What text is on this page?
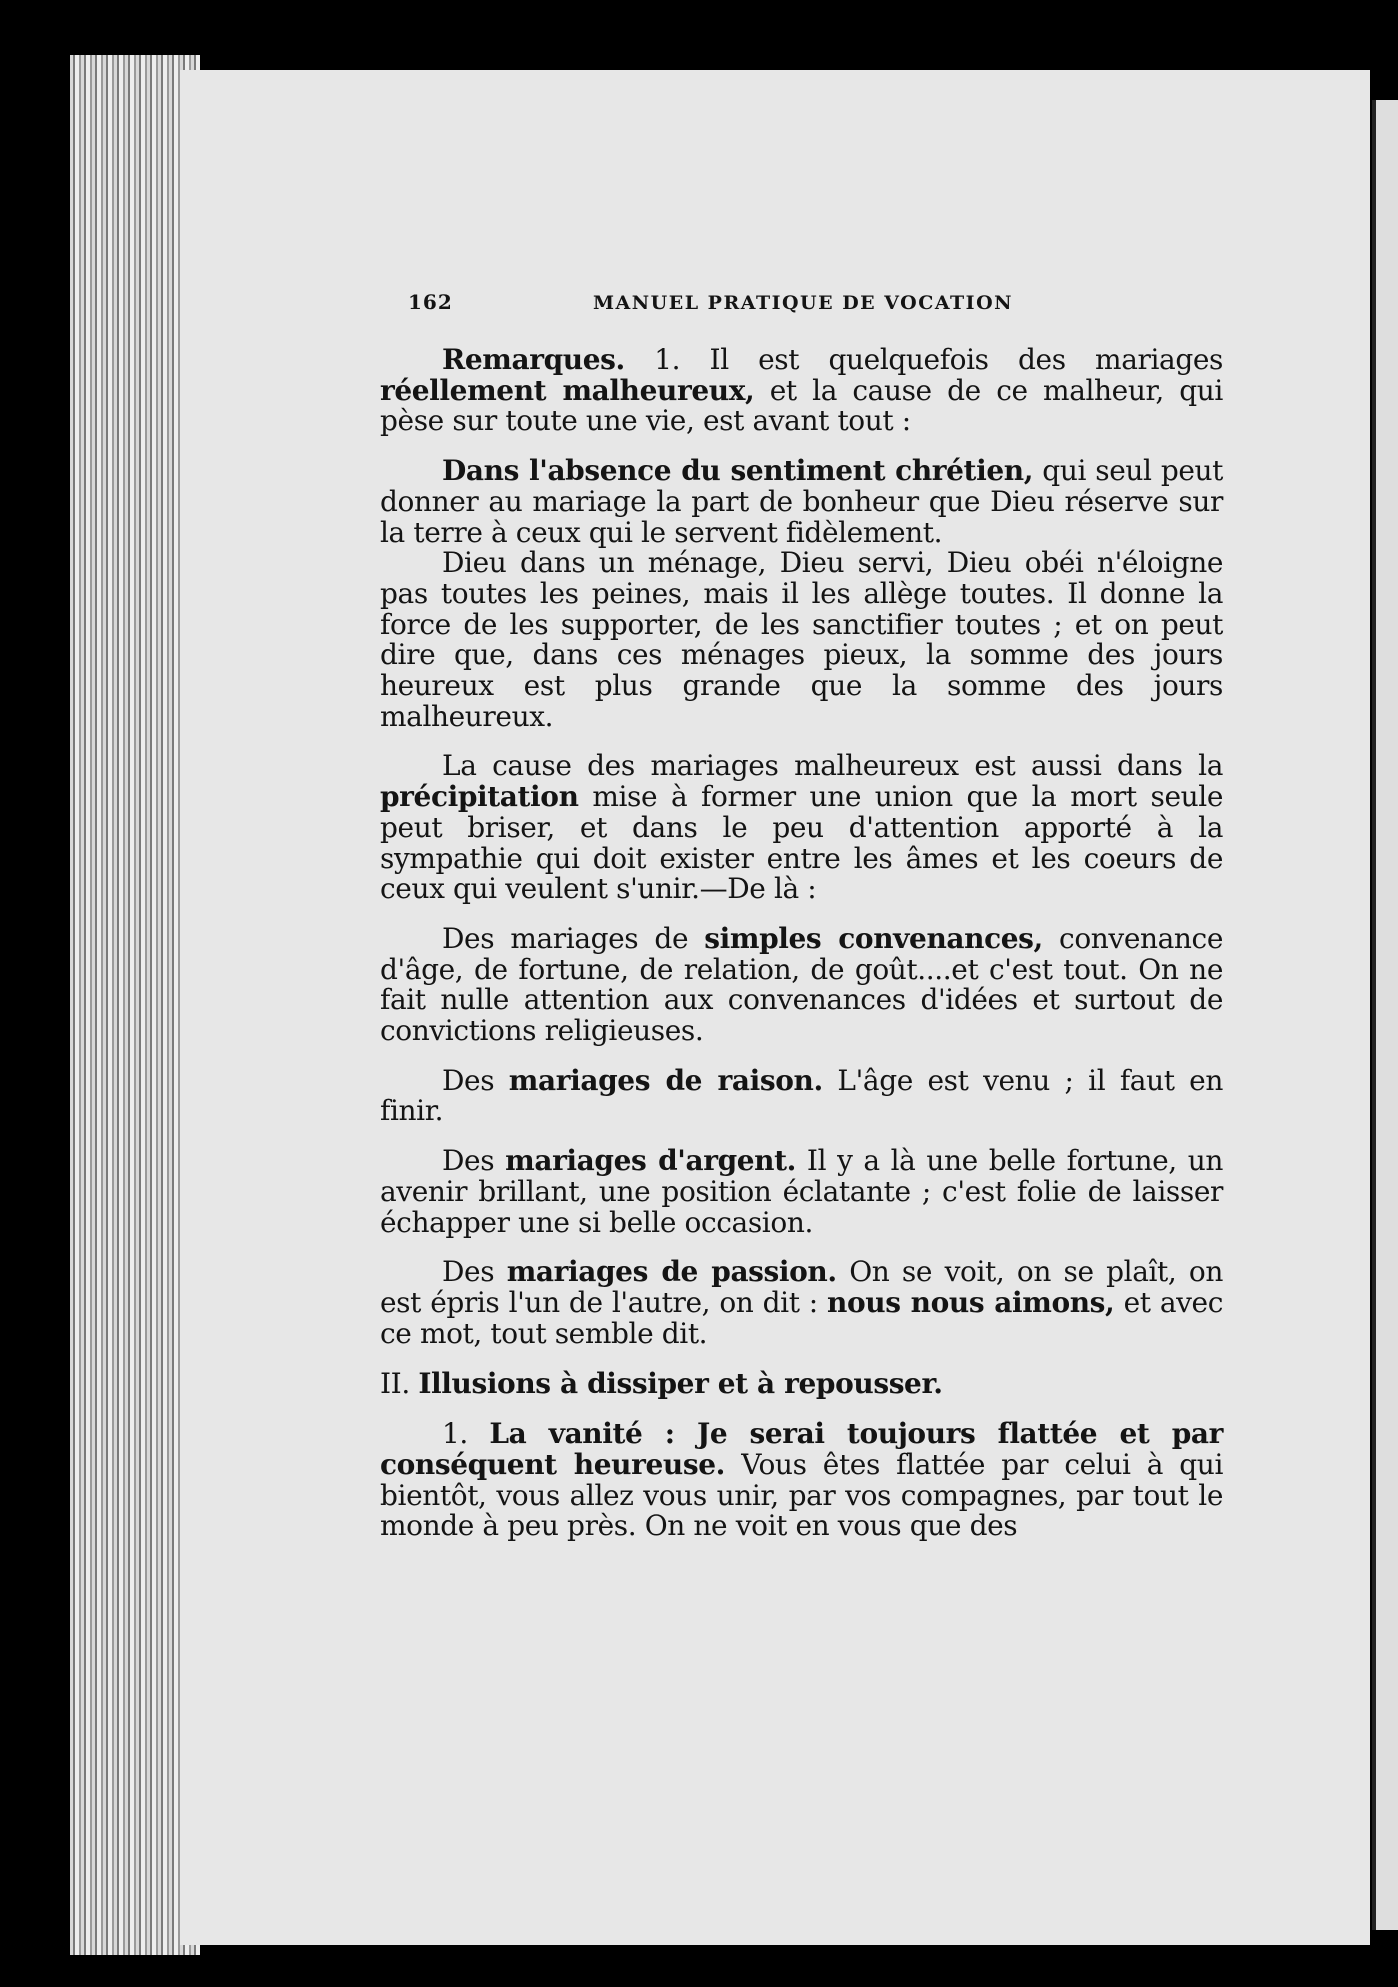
162	MANUEL PRATIQUE DE VOCATION

Remarques. 1. Il est quelquefois des mariages réellement malheureux, et la cause de ce malheur, qui pèse sur toute une vie, est avant tout :

Dans l'absence du sentiment chrétien, qui seul peut donner au mariage la part de bonheur que Dieu réserve sur la terre à ceux qui le servent fidèlement.

Dieu dans un ménage, Dieu servi, Dieu obéi n'éloigne pas toutes les peines, mais il les allège toutes. Il donne la force de les supporter, de les sanctifier toutes ; et on peut dire que, dans ces ménages pieux, la somme des jours heureux est plus grande que la somme des jours malheureux.

La cause des mariages malheureux est aussi dans la précipitation mise à former une union que la mort seule peut briser, et dans le peu d'attention apporté à la sympathie qui doit exister entre les âmes et les coeurs de ceux qui veulent s'unir.—De là :

Des mariages de simples convenances, convenance d'âge, de fortune, de relation, de goût....et c'est tout. On ne fait nulle attention aux convenances d'idées et surtout de convictions religieuses.

Des mariages de raison. L'âge est venu ; il faut en finir.

Des mariages d'argent. Il y a là une belle fortune, un avenir brillant, une position éclatante ; c'est folie de laisser échapper une si belle occasion.

Des mariages de passion. On se voit, on se plaît, on est épris l'un de l'autre, on dit : nous nous aimons, et avec ce mot, tout semble dit.

II. Illusions à dissiper et à repousser.

1. La vanité : Je serai toujours flattée et par conséquent heureuse. Vous êtes flattée par celui à qui bientôt, vous allez vous unir, par vos compagnes, par tout le monde à peu près. On ne voit en vous que des
